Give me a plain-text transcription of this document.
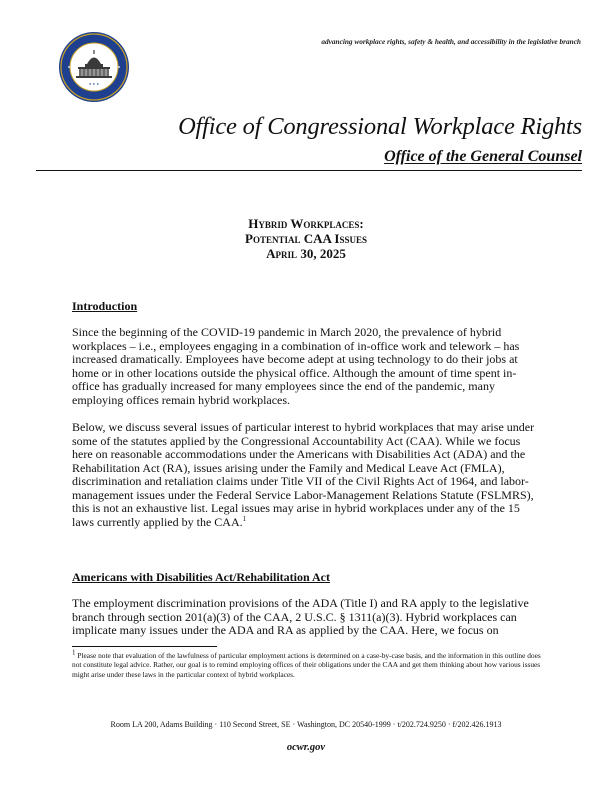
★ ★ ★
advancing workplace rights, safety & health, and accessibility in the legislative branch
Office of Congressional Workplace Rights
Office of the General Counsel
Hybrid Workplaces:
Potential CAA Issues
April 30, 2025

Introduction

Since the beginning of the COVID-19 pandemic in March 2020, the prevalence of hybrid workplaces – i.e., employees engaging in a combination of in-office work and telework – has increased dramatically. Employees have become adept at using technology to do their jobs at home or in other locations outside the physical office. Although the amount of time spent in-office has gradually increased for many employees since the end of the pandemic, many employing offices remain hybrid workplaces.

Below, we discuss several issues of particular interest to hybrid workplaces that may arise under some of the statutes applied by the Congressional Accountability Act (CAA). While we focus here on reasonable accommodations under the Americans with Disabilities Act (ADA) and the Rehabilitation Act (RA), issues arising under the Family and Medical Leave Act (FMLA), discrimination and retaliation claims under Title VII of the Civil Rights Act of 1964, and labor-management issues under the Federal Service Labor-Management Relations Statute (FSLMRS), this is not an exhaustive list. Legal issues may arise in hybrid workplaces under any of the 15 laws currently applied by the CAA.$^1$

Americans with Disabilities Act/Rehabilitation Act

The employment discrimination provisions of the ADA (Title I) and RA apply to the legislative branch through section 201(a)(3) of the CAA, 2 U.S.C. § 1311(a)(3). Hybrid workplaces can implicate many issues under the ADA and RA as applied by the CAA. Here, we focus on

$^1$ Please note that evaluation of the lawfulness of particular employment actions is determined on a case-by-case basis, and the information in this outline does not constitute legal advice. Rather, our goal is to remind employing offices of their obligations under the CAA and get them thinking about how various issues might arise under these laws in the particular context of hybrid workplaces.
Room LA 200, Adams Building · 110 Second Street, SE · Washington, DC 20540-1999 · t/202.724.9250 · f/202.426.1913
ocwr.gov
